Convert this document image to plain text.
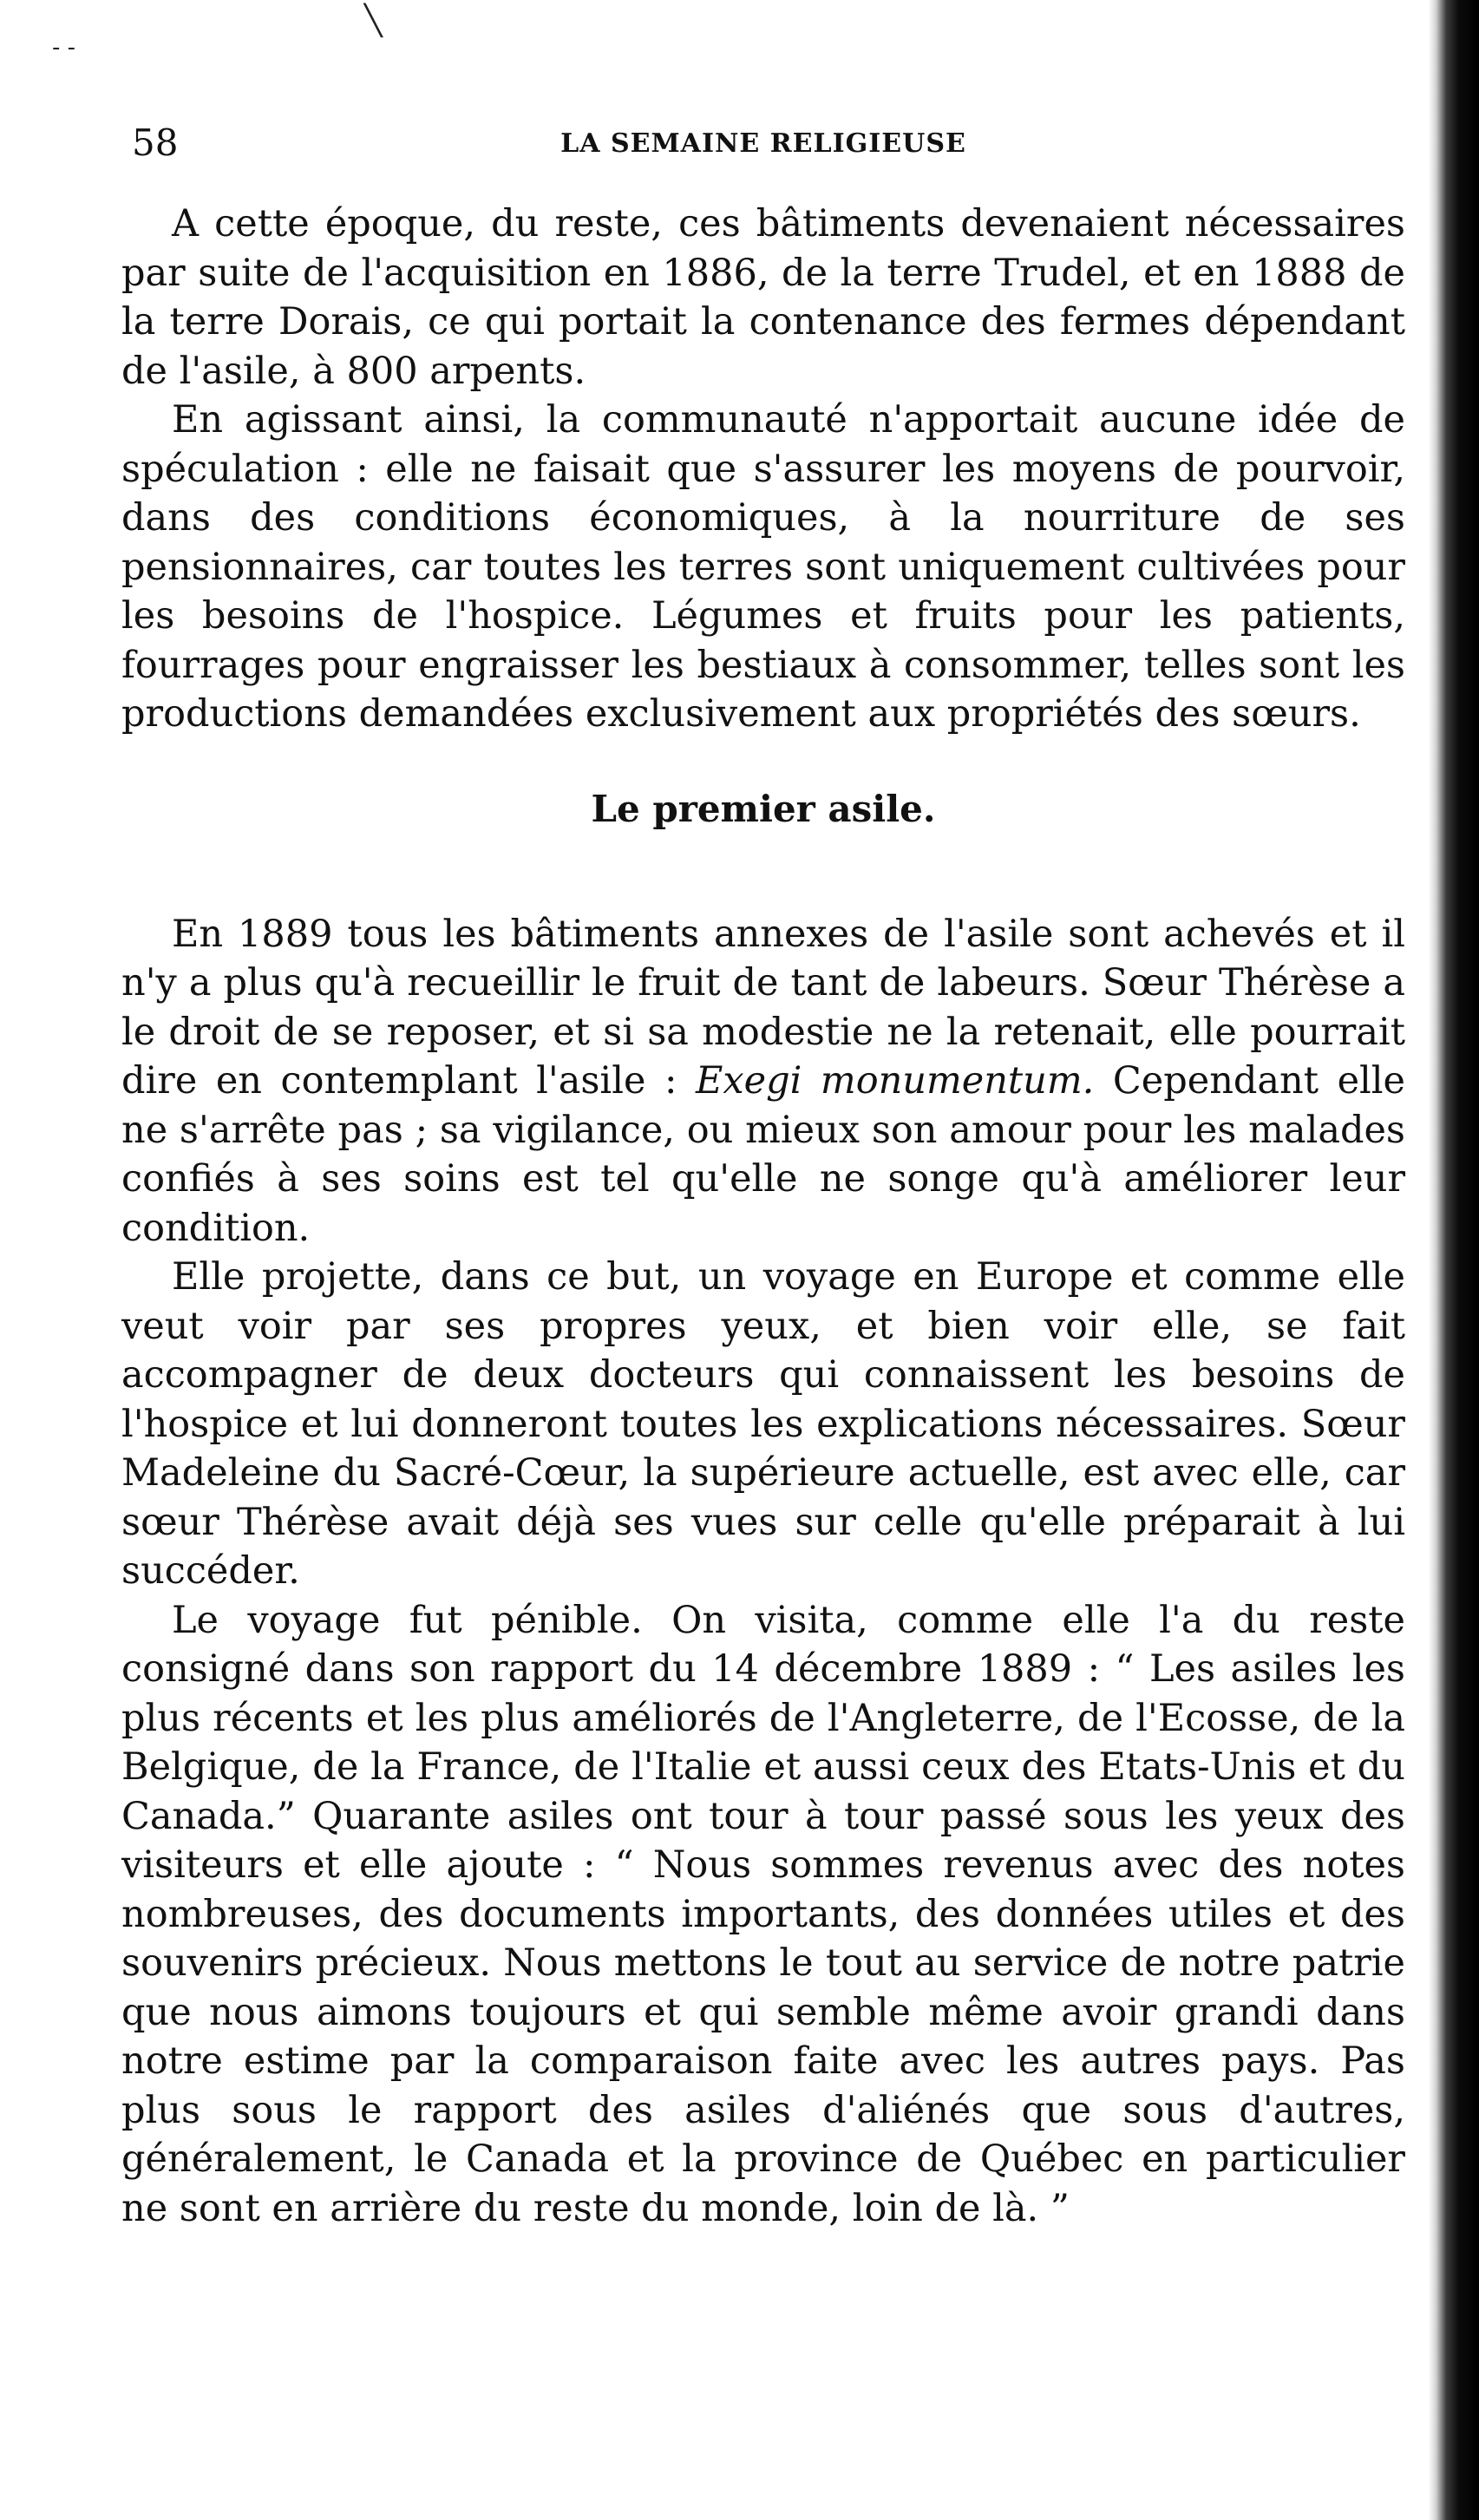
╲
‐ ‐
58	LA SEMAINE RELIGIEUSE

A cette époque, du reste, ces bâtiments devenaient nécessaires par suite de l'acquisition en 1886, de la terre Trudel, et en 1888 de la terre Dorais, ce qui portait la contenance des fermes dépendant de l'asile, à 800 arpents.

En agissant ainsi, la communauté n'apportait aucune idée de spéculation : elle ne faisait que s'assurer les moyens de pourvoir, dans des conditions économiques, à la nourriture de ses pensionnaires, car toutes les terres sont uniquement cultivées pour les besoins de l'hospice. Légumes et fruits pour les patients, fourrages pour engraisser les bestiaux à consommer, telles sont les productions demandées exclusivement aux propriétés des sœurs.

Le premier asile.

En 1889 tous les bâtiments annexes de l'asile sont achevés et il n'y a plus qu'à recueillir le fruit de tant de labeurs. Sœur Thérèse a le droit de se reposer, et si sa modestie ne la retenait, elle pourrait dire en contemplant l'asile : Exegi monumentum. Cependant elle ne s'arrête pas ; sa vigilance, ou mieux son amour pour les malades confiés à ses soins est tel qu'elle ne songe qu'à améliorer leur condition.

Elle projette, dans ce but, un voyage en Europe et comme elle veut voir par ses propres yeux, et bien voir elle, se fait accompagner de deux docteurs qui connaissent les besoins de l'hospice et lui donneront toutes les explications nécessaires. Sœur Madeleine du Sacré-Cœur, la supérieure actuelle, est avec elle, car sœur Thérèse avait déjà ses vues sur celle qu'elle préparait à lui succéder.

Le voyage fut pénible. On visita, comme elle l'a du reste consigné dans son rapport du 14 décembre 1889 : “ Les asiles les plus récents et les plus améliorés de l'Angleterre, de l'Ecosse, de la Belgique, de la France, de l'Italie et aussi ceux des Etats-Unis et du Canada.” Quarante asiles ont tour à tour passé sous les yeux des visiteurs et elle ajoute : “ Nous sommes revenus avec des notes nombreuses, des documents importants, des données utiles et des souvenirs précieux. Nous mettons le tout au service de notre patrie que nous aimons toujours et qui semble même avoir grandi dans notre estime par la comparaison faite avec les autres pays. Pas plus sous le rapport des asiles d'aliénés que sous d'autres, généralement, le Canada et la province de Québec en particulier ne sont en arrière du reste du monde, loin de là. ”
